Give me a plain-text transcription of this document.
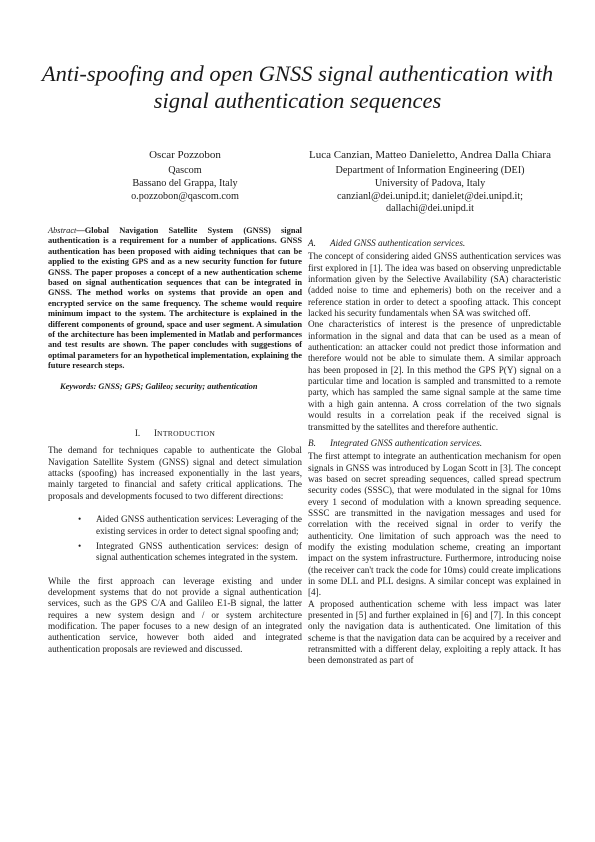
Anti-spoofing and open GNSS signal authentication with signal authentication sequences
Oscar Pozzobon
Qascom
Bassano del Grappa, Italy
o.pozzobon@qascom.com
Luca Canzian, Matteo Danieletto, Andrea Dalla Chiara
Department of Information Engineering (DEI)
University of Padova, Italy
canzianl@dei.unipd.it; danielet@dei.unipd.it;
dallachi@dei.unipd.it

Abstract—Global Navigation Satellite System (GNSS) signal authentication is a requirement for a number of applications. GNSS authentication has been proposed with aiding techniques that can be applied to the existing GPS and as a new security function for future GNSS. The paper proposes a concept of a new authentication scheme based on signal authentication sequences that can be integrated in GNSS. The method works on systems that provide an open and encrypted service on the same frequency. The scheme would require minimum impact to the system. The architecture is explained in the different components of ground, space and user segment. A simulation of the architecture has been implemented in Matlab and performances and test results are shown. The paper concludes with suggestions of optimal parameters for an hypothetical implementation, explaining the future research steps.

Keywords: GNSS; GPS; Galileo; security; authentication
I.   INTRODUCTION

The demand for techniques capable to authenticate the Global Navigation Satellite System (GNSS) signal and detect simulation attacks (spoofing) has increased exponentially in the last years, mainly targeted to financial and safety critical applications. The proposals and developments focused to two different directions:

• Aided GNSS authentication services: Leveraging of the existing services in order to detect signal spoofing and;
• Integrated GNSS authentication services: design of signal authentication schemes integrated in the system.

While the first approach can leverage existing and under development systems that do not provide a signal authentication services, such as the GPS C/A and Galileo E1-B signal, the latter requires a new system design and / or system architecture modification. The paper focuses to a new design of an integrated authentication service, however both aided and integrated authentication proposals are reviewed and discussed.

A. Aided GNSS authentication services.

The concept of considering aided GNSS authentication services was first explored in [1]. The idea was based on observing unpredictable information given by the Selective Availability (SA) characteristic (added noise to time and ephemeris) both on the receiver and a reference station in order to detect a spoofing attack. This concept lacked his security fundamentals when SA was switched off.

One characteristics of interest is the presence of unpredictable information in the signal and data that can be used as a mean of authentication: an attacker could not predict those information and therefore would not be able to simulate them. A similar approach has been proposed in [2]. In this method the GPS P(Y) signal on a particular time and location is sampled and transmitted to a remote party, which has sampled the same signal sample at the same time with a high gain antenna. A cross correlation of the two signals would results in a correlation peak if the received signal is transmitted by the satellites and therefore authentic.

B. Integrated GNSS authentication services.

The first attempt to integrate an authentication mechanism for open signals in GNSS was introduced by Logan Scott in [3]. The concept was based on secret spreading sequences, called spread spectrum security codes (SSSC), that were modulated in the signal for 10ms every 1 second of modulation with a known spreading sequence. SSSC are transmitted in the navigation messages and used for correlation with the received signal in order to verify the authenticity. One limitation of such approach was the need to modify the existing modulation scheme, creating an important impact on the system infrastructure. Furthermore, introducing noise (the receiver can't track the code for 10ms) could create implications in some DLL and PLL designs. A similar concept was explained in [4].

A proposed authentication scheme with less impact was later presented in [5] and further explained in [6] and [7]. In this concept only the navigation data is authenticated. One limitation of this scheme is that the navigation data can be acquired by a receiver and retransmitted with a different delay, exploiting a reply attack. It has been demonstrated as part of
